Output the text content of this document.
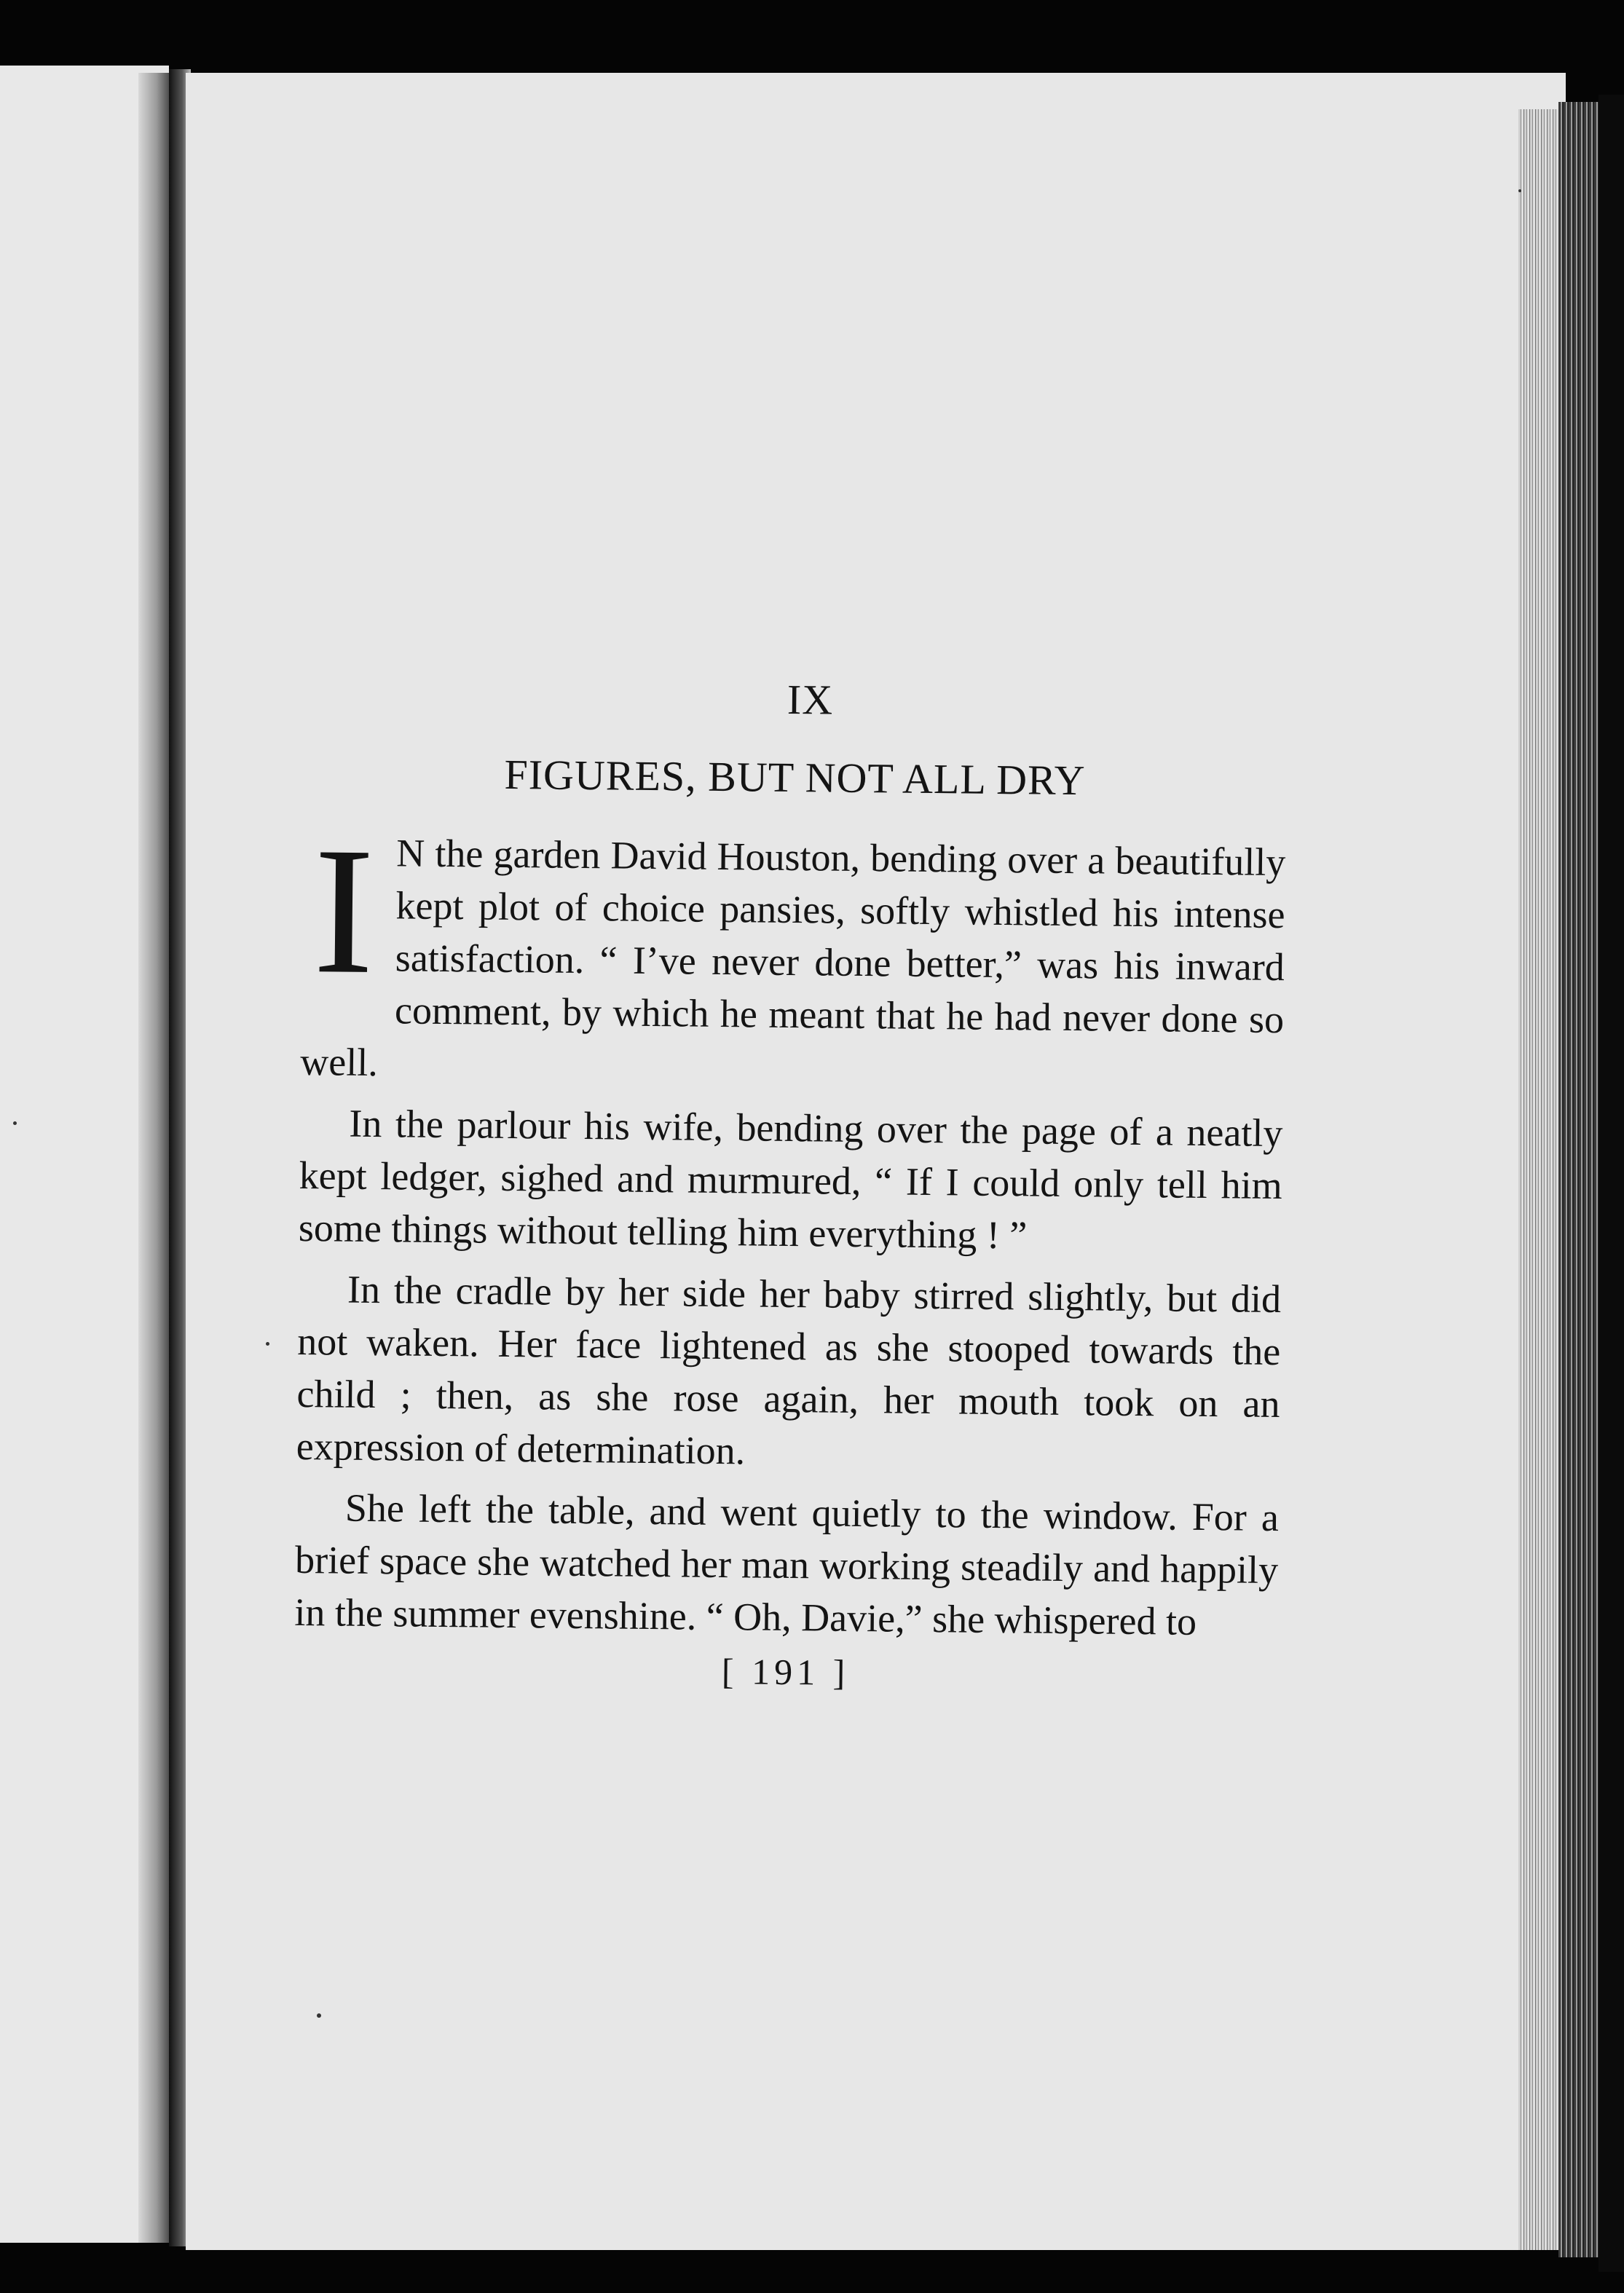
IX
FIGURES, BUT NOT ALL DRY
I N the garden David Houston, bending over a beautifully kept plot of choice pansies, softly whistled his intense satisfaction. “ I’ve never done better,” was his inward comment, by which he meant that he had never done so well.

In the parlour his wife, bending over the page of a neatly kept ledger, sighed and murmured, “ If I could only tell him some things without telling him everything ! ”

In the cradle by her side her baby stirred slightly, but did not waken. Her face lightened as she stooped towards the child ; then, as she rose again, her mouth took on an expression of determination.

She left the table, and went quietly to the window. For a brief space she watched her man working steadily and happily in the summer evenshine. “ Oh, Davie,” she whispered to

[ 191 ]
